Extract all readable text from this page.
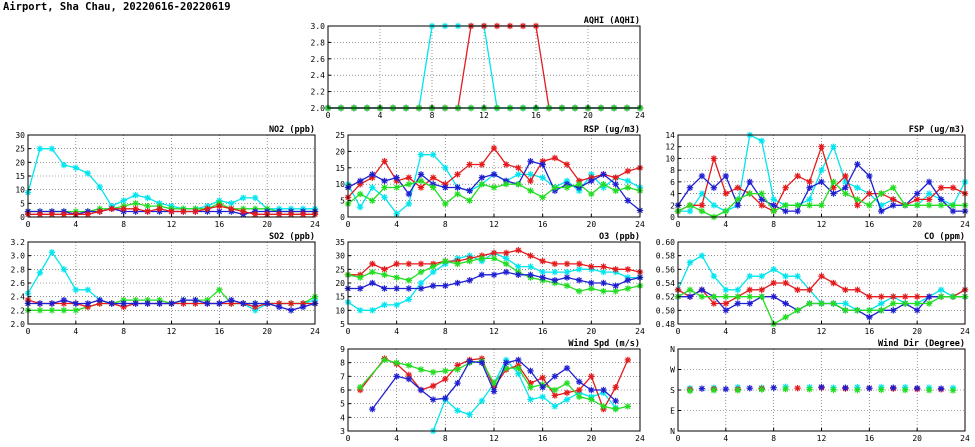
Airport, Sha Chau, 20220616-20220619
AQHI (AQHI)
0	4	8	12	16	20	24
2.0
2.2
2.4
2.6
2.8
3.0
NO2 (ppb)
0	4	8	12	16	20	24
0
5
10
15
20
25
30
RSP (ug/m3)
0	4	8	12	16	20	24
0
5
10
15
20
25
FSP (ug/m3)
0	4	8	12	16	20	24
0
2
4
6
8
10
12
14
SO2 (ppb)
0	4	8	12	16	20	24
2.0
2.2
2.4
2.6
2.8
3.0
3.2
O3 (ppb)
0	4	8	12	16	20	24
5
10
15
20
25
30
35
CO (ppm)
0	4	8	12	16	20	24
0.48
0.50
0.52
0.54
0.56
0.58
0.60
Wind Spd (m/s)
0	4	8	12	16	20	24
3
4
5
6
7
8
9
Wind Dir (Degree)
0	4	8	12	16	20	24
N
E
S
W
N
